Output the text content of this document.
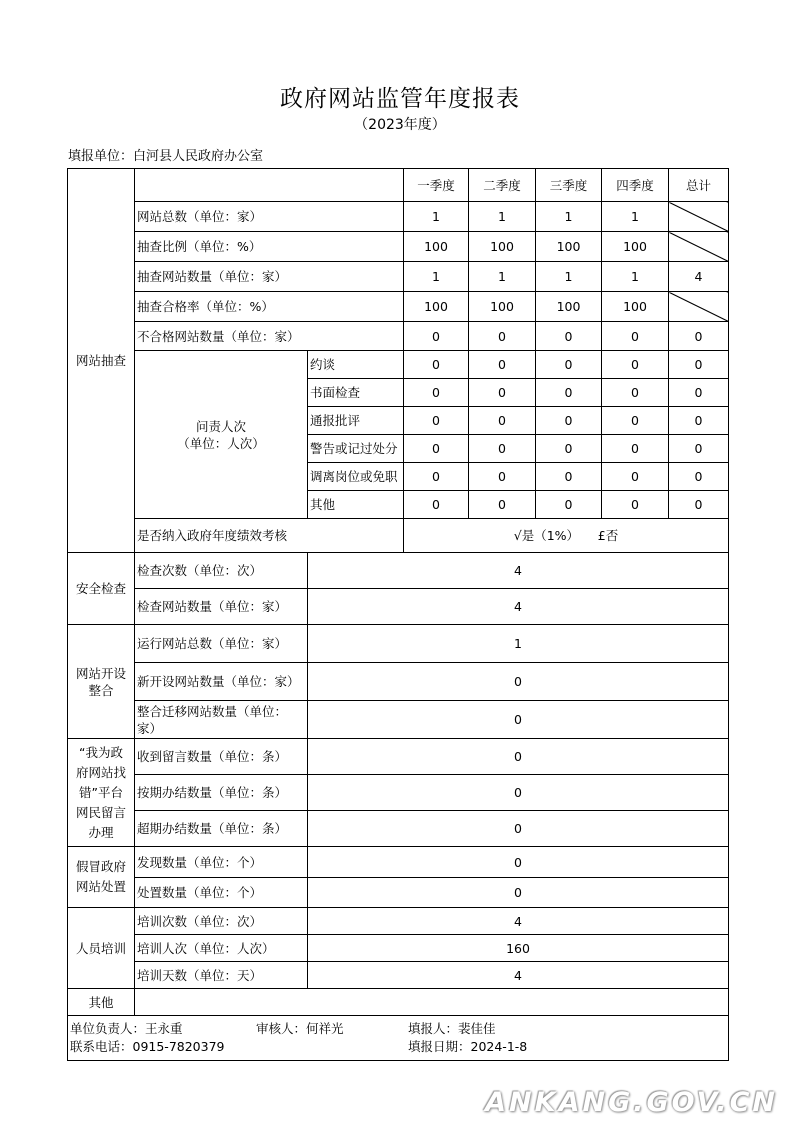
政府网站监管年度报表
（2023年度）
填报单位：白河县人民政府办公室
网站抽查			一季度	二季度	三季度	四季度	总计
	网站总数（单位：家）		1	1	1	1	
	抽查比例（单位：%）		100	100	100	100	
	抽查网站数量（单位：家）		1	1	1	1	4
	抽查合格率（单位：%）		100	100	100	100	
	不合格网站数量（单位：家）		0	0	0	0	0

	问责人次
（单位：人次）	约谈	0	0	0	0	0
		书面检查	0	0	0	0	0
		通报批评	0	0	0	0	0
		警告或记过处分	0	0	0	0	0
		调离岗位或免职	0	0	0	0	0
		其他	0	0	0	0	0
	是否纳入政府年度绩效考核		√是（1%）　　£否				
安全检查	检查次数（单位：次）	4					
	检查网站数量（单位：家）	4					

网站开设
整合	运行网站总数（单位：家）	1					
	新开设网站数量（单位：家）	0					
	整合迁移网站数量（单位：家）	0					

“我为政
府网站找
错”平台
网民留言
办理	收到留言数量（单位：条）	0					
	按期办结数量（单位：条）	0					
	超期办结数量（单位：条）	0					

假冒政府
网站处置	发现数量（单位：个）	0					
	处置数量（单位：个）	0					
人员培训	培训次数（单位：次）	4					
	培训人次（单位：人次）	160					
	培训天数（单位：天）	4					
其他							

单位负责人：王永重 审核人：何祥光 填报人：裴佳佳
联系电话：0915-7820379 填报日期：2024-1-8							
ANKANG.GOV.CN
